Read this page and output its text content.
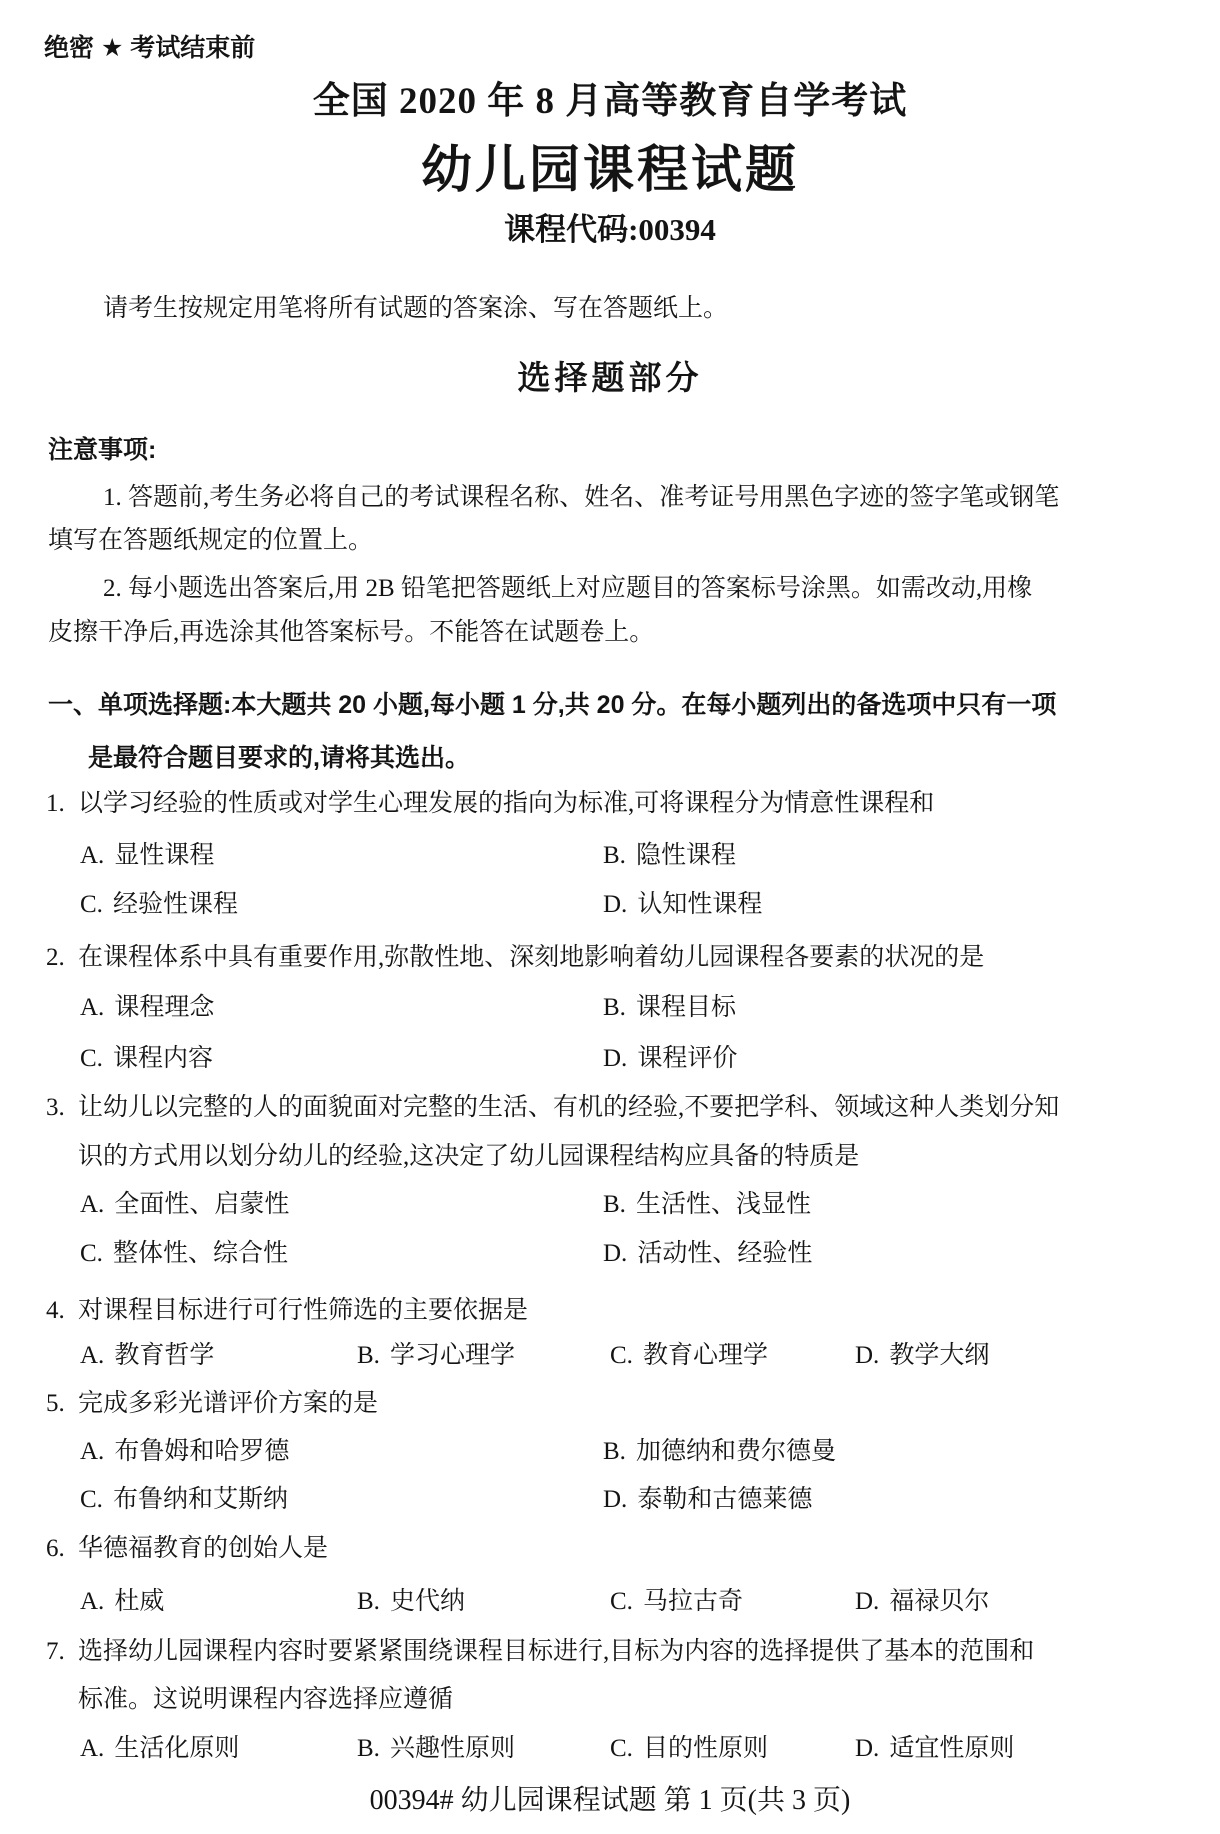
绝密 ★ 考试结束前
全国 2020 年 8 月高等教育自学考试
幼儿园课程试题
课程代码:00394
请考生按规定用笔将所有试题的答案涂、写在答题纸上。
选择题部分
注意事项:
1. 答题前,考生务必将自己的考试课程名称、姓名、准考证号用黑色字迹的签字笔或钢笔
填写在答题纸规定的位置上。
2. 每小题选出答案后,用 2B 铅笔把答题纸上对应题目的答案标号涂黑。如需改动,用橡
皮擦干净后,再选涂其他答案标号。不能答在试题卷上。
一、单项选择题:本大题共 20 小题,每小题 1 分,共 20 分。在每小题列出的备选项中只有一项
是最符合题目要求的,请将其选出。
1. 以学习经验的性质或对学生心理发展的指向为标准,可将课程分为情意性课程和
A. 显性课程	B. 隐性课程
C. 经验性课程	D. 认知性课程
2. 在课程体系中具有重要作用,弥散性地、深刻地影响着幼儿园课程各要素的状况的是
A. 课程理念	B. 课程目标
C. 课程内容	D. 课程评价
3. 让幼儿以完整的人的面貌面对完整的生活、有机的经验,不要把学科、领域这种人类划分知
识的方式用以划分幼儿的经验,这决定了幼儿园课程结构应具备的特质是
A. 全面性、启蒙性	B. 生活性、浅显性
C. 整体性、综合性	D. 活动性、经验性
4. 对课程目标进行可行性筛选的主要依据是
A. 教育哲学	B. 学习心理学	C. 教育心理学	D. 教学大纲
5. 完成多彩光谱评价方案的是
A. 布鲁姆和哈罗德	B. 加德纳和费尔德曼
C. 布鲁纳和艾斯纳	D. 泰勒和古德莱德
6. 华德福教育的创始人是
A. 杜威	B. 史代纳	C. 马拉古奇	D. 福禄贝尔
7. 选择幼儿园课程内容时要紧紧围绕课程目标进行,目标为内容的选择提供了基本的范围和
标准。这说明课程内容选择应遵循
A. 生活化原则	B. 兴趣性原则	C. 目的性原则	D. 适宜性原则
00394# 幼儿园课程试题 第 1 页(共 3 页)
